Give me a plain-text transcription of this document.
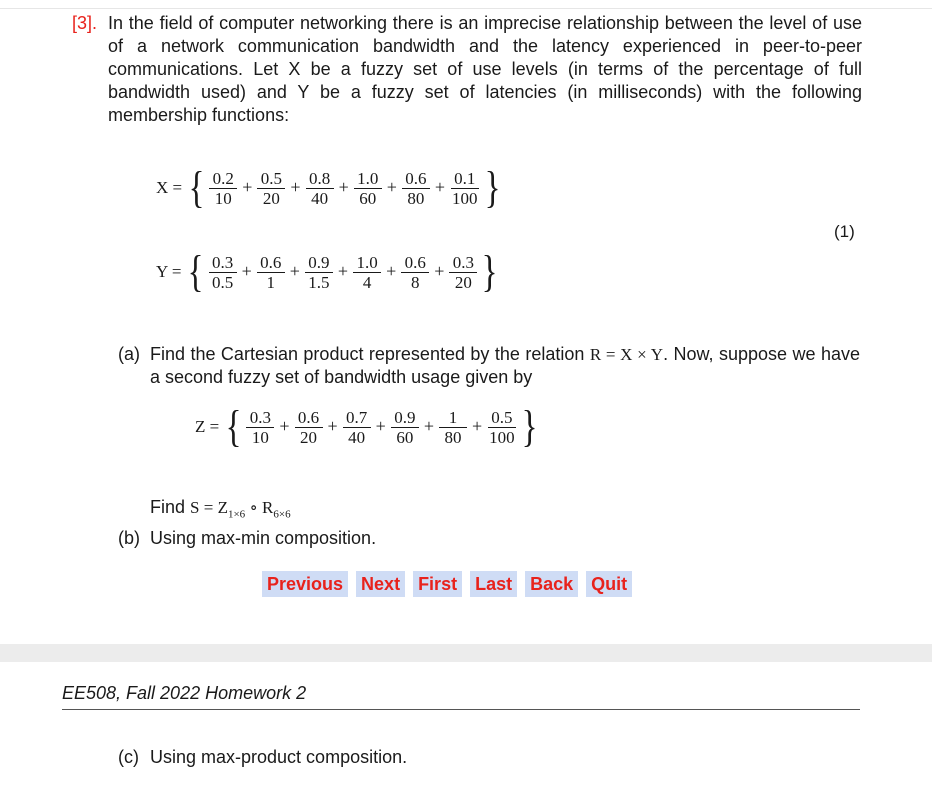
[3]. In the field of computer networking there is an imprecise relationship between the level of use of a network communication bandwidth and the latency experienced in peer-to-peer communications. Let X be a fuzzy set of use levels (in terms of the percentage of full bandwidth used) and Y be a fuzzy set of latencies (in milliseconds) with the following membership functions:
X = { $\frac{0.2}{10} + \frac{0.5}{20} + \frac{0.8}{40} + \frac{1.0}{60} + \frac{0.6}{80} + \frac{0.1}{100}$ }
Y = { $\frac{0.3}{0.5} + \frac{0.6}{1} + \frac{0.9}{1.5} + \frac{1.0}{4} + \frac{0.6}{8} + \frac{0.3}{20}$ }
(1)
(a) Find the Cartesian product represented by the relation R = X × Y. Now, suppose we have a second fuzzy set of bandwidth usage given by
Z = { $\frac{0.3}{10} + \frac{0.6}{20} + \frac{0.7}{40} + \frac{0.9}{60} + \frac{1}{80} + \frac{0.5}{100}$ }
Find $S = Z_{1\times 6}$ ∘ $R_{6\times 6}$
(b) Using max-min composition.
Previous Next First Last Back Quit
EE508, Fall 2022 Homework 2
(c) Using max-product composition.
